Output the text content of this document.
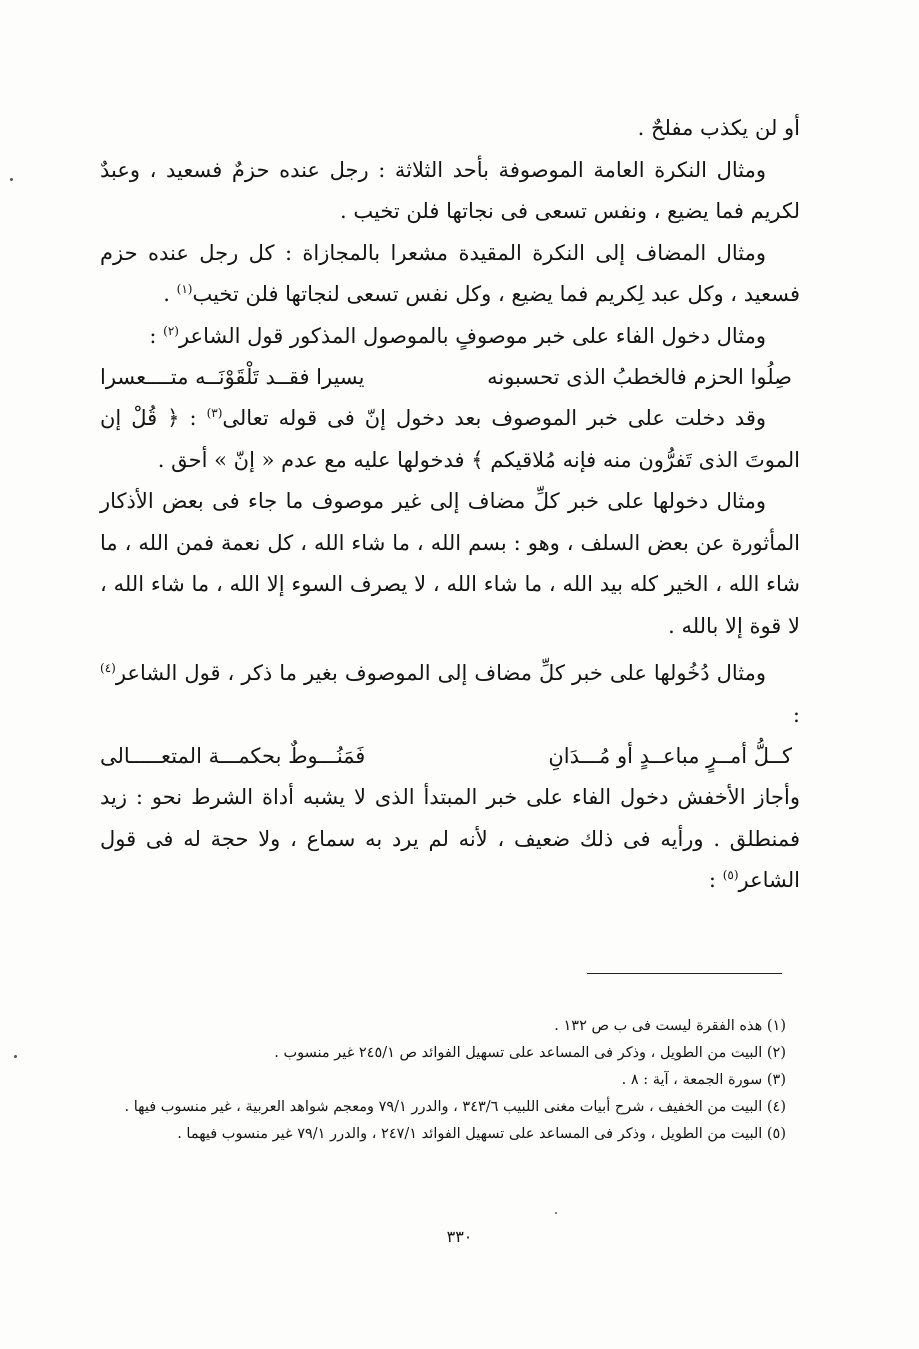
أو لن يكذب مفلحٌ .

ومثال النكرة العامة الموصوفة بأحد الثلاثة : رجل عنده حزمٌ فسعيد ، وعبدٌ لكريم فما يضيع ، ونفس تسعى فى نجاتها فلن تخيب .

ومثال المضاف إلى النكرة المقيدة مشعرا بالمجازاة : كل رجل عنده حزم فسعيد ، وكل عبد لِكريم فما يضيع ، وكل نفس تسعى لنجاتها فلن تخيب$^{(١)}$ .

ومثال دخول الفاء على خبر موصوفٍ بالموصول المذكور قول الشاعر$^{(٢)}$ :

صِلُوا الحزم فالخطبُ الذى تحسبونه
يسيرا فقــد تَلْقَوْنَــه متــــعسرا

وقد دخلت على خبر الموصوف بعد دخول إنّ فى قوله تعالى$^{(٣)}$ : ﴿ قُلْ إن الموتَ الذى تَفرُّون منه فإنه مُلاقيكم ﴾ فدخولها عليه مع عدم « إنّ » أحق .

ومثال دخولها على خبر كلِّ مضاف إلى غير موصوف ما جاء فى بعض الأذكار المأثورة عن بعض السلف ، وهو : بسم الله ، ما شاء الله ، كل نعمة فمن الله ، ما شاء الله ، الخير كله بيد الله ، ما شاء الله ، لا يصرف السوء إلا الله ، ما شاء الله ، لا قوة إلا بالله .

ومثال دُخُولها على خبر كلِّ مضاف إلى الموصوف بغير ما ذكر ، قول الشاعر$^{(٤)}$ :

كــلُّ أمــرٍ مباعــدٍ أو مُـــدَانِ
فَمَنُـــوطٌ بحكمـــة المتعـــــالى

وأجاز الأخفش دخول الفاء على خبر المبتدأ الذى لا يشبه أداة الشرط نحو : زيد فمنطلق . ورأيه فى ذلك ضعيف ، لأنه لم يرد به سماع ، ولا حجة له فى قول الشاعر$^{(٥)}$ :

(١) هذه الفقرة ليست فى ب ص ١٣٢ .

(٢) البيت من الطويل ، وذكر فى المساعد على تسهيل الفوائد ص ٢٤٥/١ غير منسوب .

(٣) سورة الجمعة ، آية : ٨ .

(٤) البيت من الخفيف ، شرح أبيات مغنى اللبيب ٣٤٣/٦ ، والدرر ٧٩/١ ومعجم شواهد العربية ، غير منسوب فيها .

(٥) البيت من الطويل ، وذكر فى المساعد على تسهيل الفوائد ٢٤٧/١ ، والدرر ٧٩/١ غير منسوب فيهما .

٣٣٠
